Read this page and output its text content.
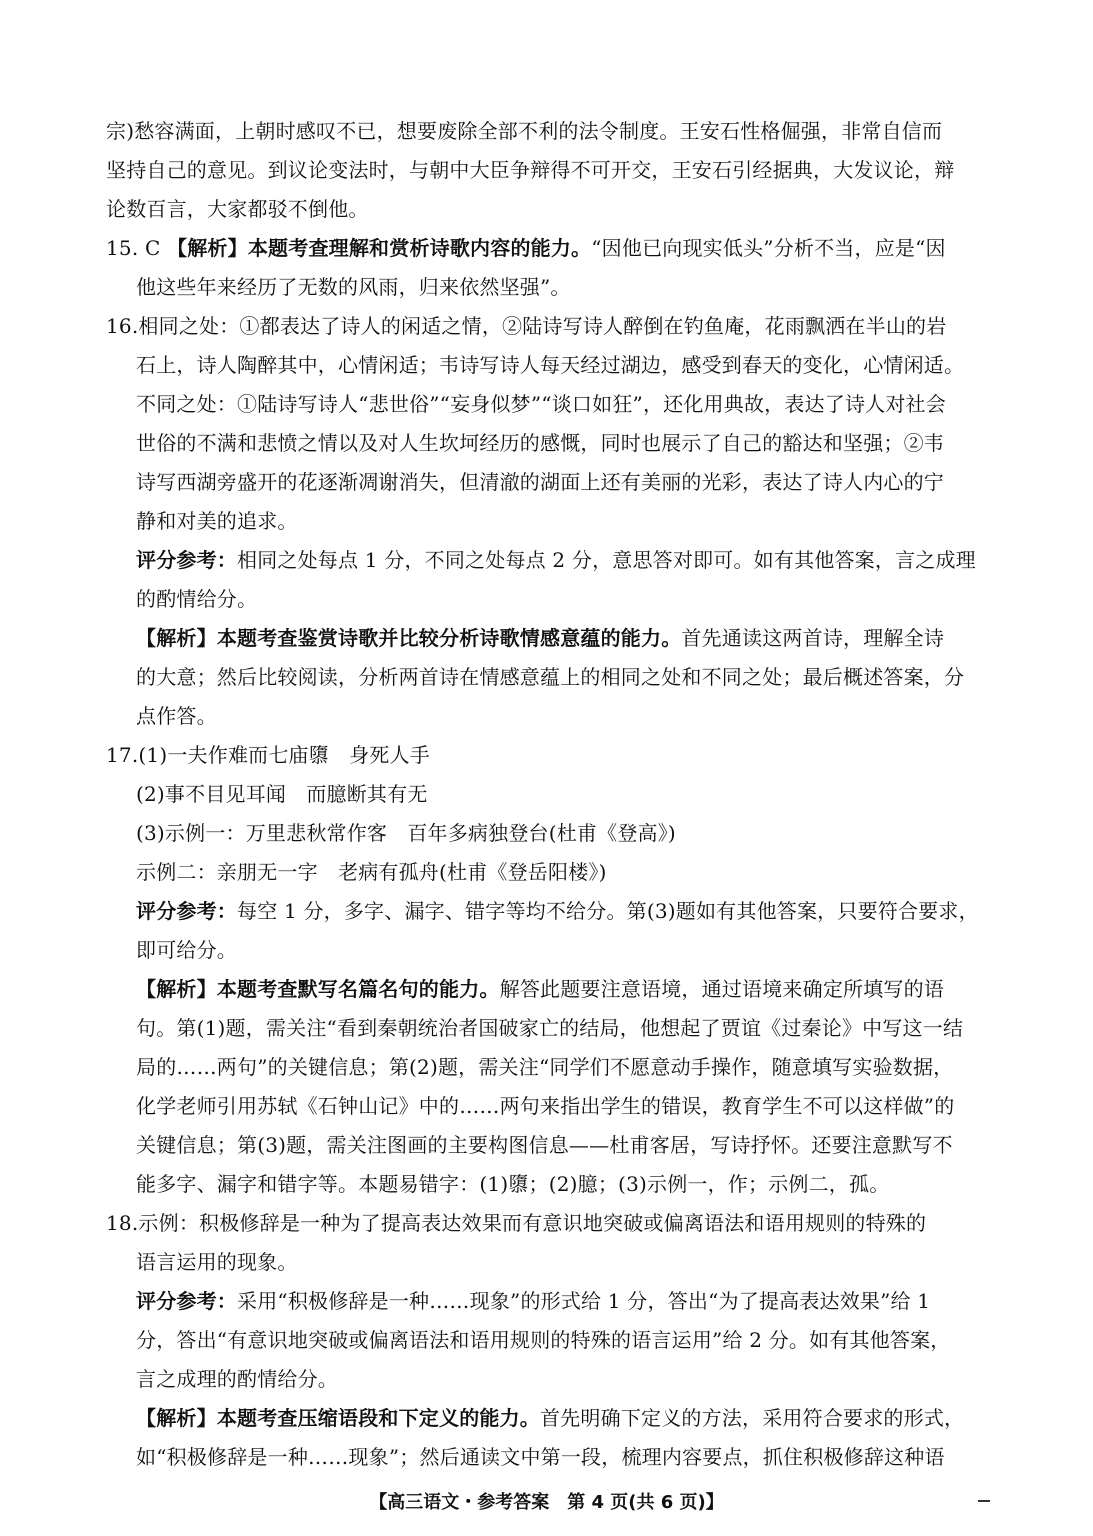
宗)愁容满面，上朝时感叹不已，想要废除全部不利的法令制度。王安石性格倔强，非常自信而
坚持自己的意见。到议论变法时，与朝中大臣争辩得不可开交，王安石引经据典，大发议论，辩
论数百言，大家都驳不倒他。
15. C 【解析】本题考查理解和赏析诗歌内容的能力。“因他已向现实低头”分析不当，应是“因
他这些年来经历了无数的风雨，归来依然坚强”。
16.相同之处：①都表达了诗人的闲适之情，②陆诗写诗人醉倒在钓鱼庵，花雨飘洒在半山的岩
石上，诗人陶醉其中，心情闲适；韦诗写诗人每天经过湖边，感受到春天的变化，心情闲适。
不同之处：①陆诗写诗人“悲世俗”“妄身似梦”“谈口如狂”，还化用典故，表达了诗人对社会
世俗的不满和悲愤之情以及对人生坎坷经历的感慨，同时也展示了自己的豁达和坚强；②韦
诗写西湖旁盛开的花逐渐凋谢消失，但清澈的湖面上还有美丽的光彩，表达了诗人内心的宁
静和对美的追求。
评分参考：相同之处每点 1 分，不同之处每点 2 分，意思答对即可。如有其他答案，言之成理
的酌情给分。
【解析】本题考查鉴赏诗歌并比较分析诗歌情感意蕴的能力。首先通读这两首诗，理解全诗
的大意；然后比较阅读，分析两首诗在情感意蕴上的相同之处和不同之处；最后概述答案，分
点作答。
17.(1)一夫作难而七庙隳　身死人手
(2)事不目见耳闻　而臆断其有无
(3)示例一：万里悲秋常作客　百年多病独登台(杜甫《登高》)
示例二：亲朋无一字　老病有孤舟(杜甫《登岳阳楼》)
评分参考：每空 1 分，多字、漏字、错字等均不给分。第(3)题如有其他答案，只要符合要求，
即可给分。
【解析】本题考查默写名篇名句的能力。解答此题要注意语境，通过语境来确定所填写的语
句。第(1)题，需关注“看到秦朝统治者国破家亡的结局，他想起了贾谊《过秦论》中写这一结
局的……两句”的关键信息；第(2)题，需关注“同学们不愿意动手操作，随意填写实验数据，
化学老师引用苏轼《石钟山记》中的……两句来指出学生的错误，教育学生不可以这样做”的
关键信息；第(3)题，需关注图画的主要构图信息——杜甫客居，写诗抒怀。还要注意默写不
能多字、漏字和错字等。本题易错字：(1)隳；(2)臆；(3)示例一，作；示例二，孤。
18.示例：积极修辞是一种为了提高表达效果而有意识地突破或偏离语法和语用规则的特殊的
语言运用的现象。
评分参考：采用“积极修辞是一种……现象”的形式给 1 分，答出“为了提高表达效果”给 1
分，答出“有意识地突破或偏离语法和语用规则的特殊的语言运用”给 2 分。如有其他答案，
言之成理的酌情给分。
【解析】本题考查压缩语段和下定义的能力。首先明确下定义的方法，采用符合要求的形式，
如“积极修辞是一种……现象”；然后通读文中第一段，梳理内容要点，抓住积极修辞这种语
【高三语文・参考答案　第 4 页(共 6 页)】
